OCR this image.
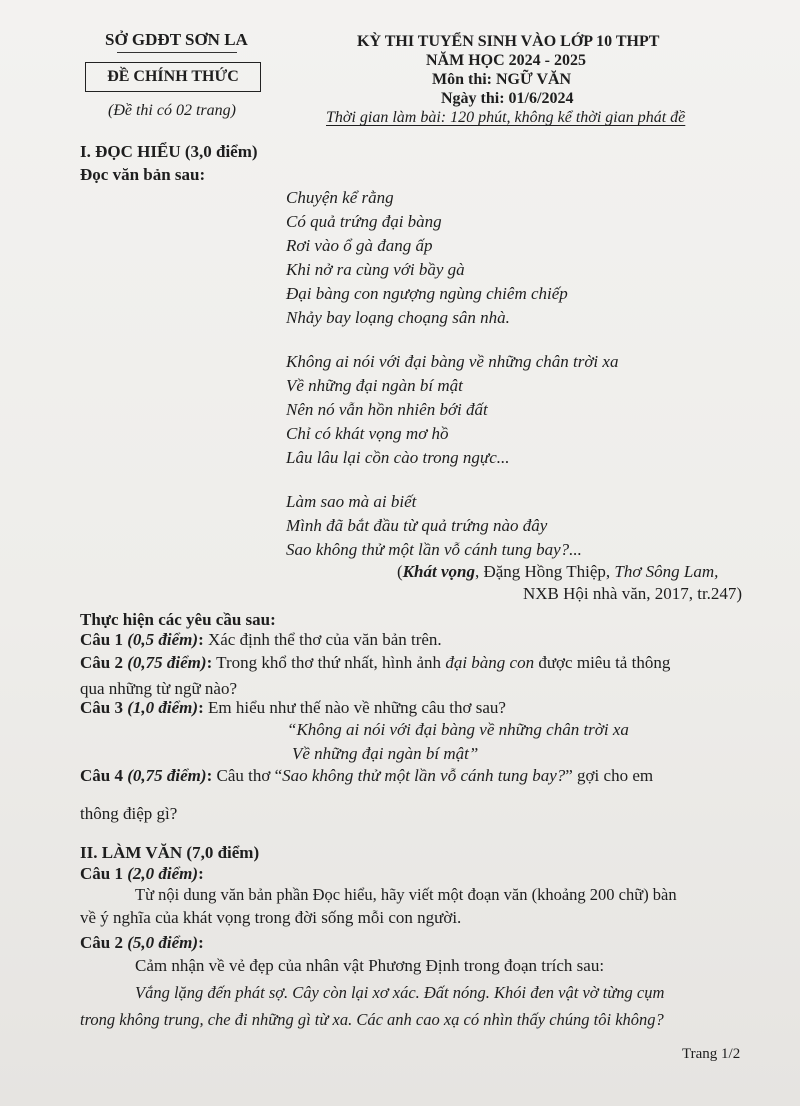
SỞ GDĐT SƠN LA
ĐỀ CHÍNH THỨC
(Đề thi có 02 trang)
KỲ THI TUYỂN SINH VÀO LỚP 10 THPT
NĂM HỌC 2024 - 2025
Môn thi: NGỮ VĂN
Ngày thi: 01/6/2024
Thời gian làm bài: 120 phút, không kể thời gian phát đề
I. ĐỌC HIỂU (3,0 điểm)
Đọc văn bản sau:
Chuyện kể rằng
Có quả trứng đại bàng
Rơi vào ổ gà đang ấp
Khi nở ra cùng với bầy gà
Đại bàng con ngượng ngùng chiêm chiếp
Nhảy bay loạng choạng sân nhà.
Không ai nói với đại bàng về những chân trời xa
Về những đại ngàn bí mật
Nên nó vẫn hồn nhiên bới đất
Chỉ có khát vọng mơ hồ
Lâu lâu lại cồn cào trong ngực...
Làm sao mà ai biết
Mình đã bắt đầu từ quả trứng nào đây
Sao không thử một lần vỗ cánh tung bay?...
(Khát vọng, Đặng Hồng Thiệp, Thơ Sông Lam,
NXB Hội nhà văn, 2017, tr.247)
Thực hiện các yêu cầu sau:
Câu 1 (0,5 điểm): Xác định thể thơ của văn bản trên.
Câu 2 (0,75 điểm): Trong khổ thơ thứ nhất, hình ảnh đại bàng con được miêu tả thông
qua những từ ngữ nào?
Câu 3 (1,0 điểm): Em hiểu như thế nào về những câu thơ sau?
“Không ai nói với đại bàng về những chân trời xa
Về những đại ngàn bí mật”
Câu 4 (0,75 điểm): Câu thơ “Sao không thử một lần vỗ cánh tung bay?” gợi cho em
thông điệp gì?
II. LÀM VĂN (7,0 điểm)
Câu 1 (2,0 điểm):
Từ nội dung văn bản phần Đọc hiểu, hãy viết một đoạn văn (khoảng 200 chữ) bàn
về ý nghĩa của khát vọng trong đời sống mỗi con người.
Câu 2 (5,0 điểm):
Cảm nhận về vẻ đẹp của nhân vật Phương Định trong đoạn trích sau:
Vắng lặng đến phát sợ. Cây còn lại xơ xác. Đất nóng. Khói đen vật vờ từng cụm
trong không trung, che đi những gì từ xa. Các anh cao xạ có nhìn thấy chúng tôi không?
Trang 1/2
